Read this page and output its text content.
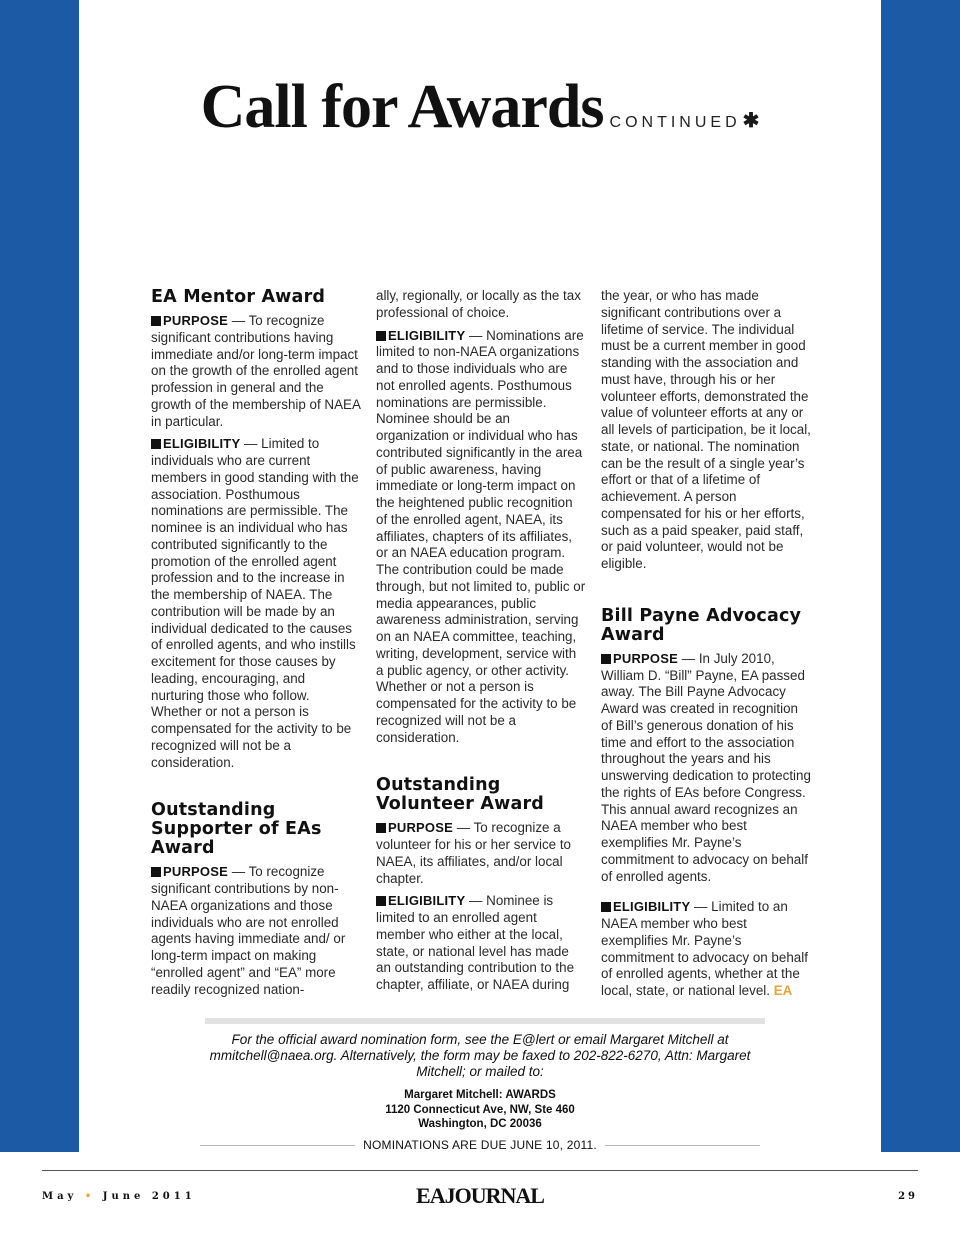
Call for Awards CONTINUED ✱
EA Mentor Award

PURPOSE — To recognize significant contributions having immediate and/or long-term impact on the growth of the enrolled agent profession in general and the growth of the membership of NAEA in particular.

ELIGIBILITY — Limited to individuals who are current members in good standing with the association. Posthumous nominations are permissible. The nominee is an individual who has contributed significantly to the promotion of the enrolled agent profession and to the increase in the membership of NAEA. The contribution will be made by an individual dedicated to the causes of enrolled agents, and who instills excitement for those causes by leading, encouraging, and nurturing those who follow. Whether or not a person is compensated for the activity to be recognized will not be a consideration.

Outstanding Supporter of EAs Award

PURPOSE — To recognize significant contributions by non-NAEA organizations and those individuals who are not enrolled agents having immediate and/ or long-term impact on making “enrolled agent” and “EA” more readily recognized nation-

ally, regionally, or locally as the tax professional of choice.

ELIGIBILITY — Nominations are limited to non-NAEA organizations and to those individuals who are not enrolled agents. Posthumous nominations are permissible. Nominee should be an organization or individual who has contributed significantly in the area of public awareness, having immediate or long-term impact on the heightened public recognition of the enrolled agent, NAEA, its affiliates, chapters of its affiliates, or an NAEA education program. The contribution could be made through, but not limited to, public or media appearances, public awareness administration, serving on an NAEA committee, teaching, writing, development, service with a public agency, or other activity. Whether or not a person is compensated for the activity to be recognized will not be a consideration.

Outstanding Volunteer Award

PURPOSE — To recognize a volunteer for his or her service to NAEA, its affiliates, and/or local chapter.

ELIGIBILITY — Nominee is limited to an enrolled agent member who either at the local, state, or national level has made an outstanding contribution to the chapter, affiliate, or NAEA during

the year, or who has made significant contributions over a lifetime of service. The individual must be a current member in good standing with the association and must have, through his or her volunteer efforts, demonstrated the value of volunteer efforts at any or all levels of participation, be it local, state, or national. The nomination can be the result of a single year’s effort or that of a lifetime of achievement. A person compensated for his or her efforts, such as a paid speaker, paid staff, or paid volunteer, would not be eligible.

Bill Payne Advocacy Award

PURPOSE — In July 2010, William D. “Bill” Payne, EA passed away. The Bill Payne Advocacy Award was created in recognition of Bill’s generous donation of his time and effort to the association throughout the years and his unswerving dedication to protecting the rights of EAs before Congress. This annual award recognizes an NAEA member who best exemplifies Mr. Payne’s commitment to advocacy on behalf of enrolled agents.

ELIGIBILITY — Limited to an NAEA member who best exemplifies Mr. Payne’s commitment to advocacy on behalf of enrolled agents, whether at the local, state, or national level. EA

For the official award nomination form, see the E@lert or email Margaret Mitchell at mmitchell@naea.org. Alternatively, the form may be faxed to 202-822-6270, Attn: Margaret Mitchell; or mailed to:
Margaret Mitchell: AWARDS
1120 Connecticut Ave, NW, Ste 460
Washington, DC 20036
NOMINATIONS ARE DUE JUNE 10, 2011.
May • June 2011	EAJOURNAL	29
